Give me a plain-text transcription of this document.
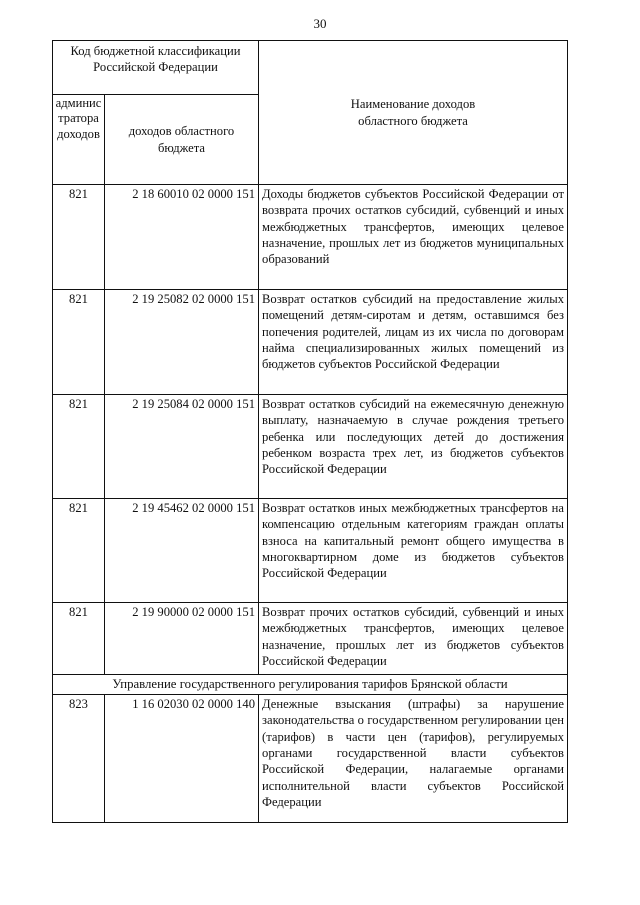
30
Код бюджетной классификации Российской Федерации		Наименование доходов областного бюджета
администратора доходов	доходов областного бюджета	
821	2 18 60010 02 0000 151	Доходы бюджетов субъектов Российской Федерации от возврата прочих остатков субсидий, субвенций и иных межбюджетных трансфертов, имеющих целевое назначение, прошлых лет из бюджетов муниципальных образований
821	2 19 25082 02 0000 151	Возврат остатков субсидий на предоставление жилых помещений детям-сиротам и детям, оставшимся без попечения родителей, лицам из их числа по договорам найма специализированных жилых помещений из бюджетов субъектов Российской Федерации
821	2 19 25084 02 0000 151	Возврат остатков субсидий на ежемесячную денежную выплату, назначаемую в случае рождения третьего ребенка или последующих детей до достижения ребенком возраста трех лет, из бюджетов субъектов Российской Федерации
821	2 19 45462 02 0000 151	Возврат остатков иных межбюджетных трансфертов на компенсацию отдельным категориям граждан оплаты взноса на капитальный ремонт общего имущества в многоквартирном доме из бюджетов субъектов Российской Федерации
821	2 19 90000 02 0000 151	Возврат прочих остатков субсидий, субвенций и иных межбюджетных трансфертов, имеющих целевое назначение, прошлых лет из бюджетов субъектов Российской Федерации
Управление государственного регулирования тарифов Брянской области		
823	1 16 02030 02 0000 140	Денежные взыскания (штрафы) за нарушение законодательства о государственном регулировании цен (тарифов) в части цен (тарифов), регулируемых органами государственной власти субъектов Российской Федерации, налагаемые органами исполнительной власти субъектов Российской Федерации
